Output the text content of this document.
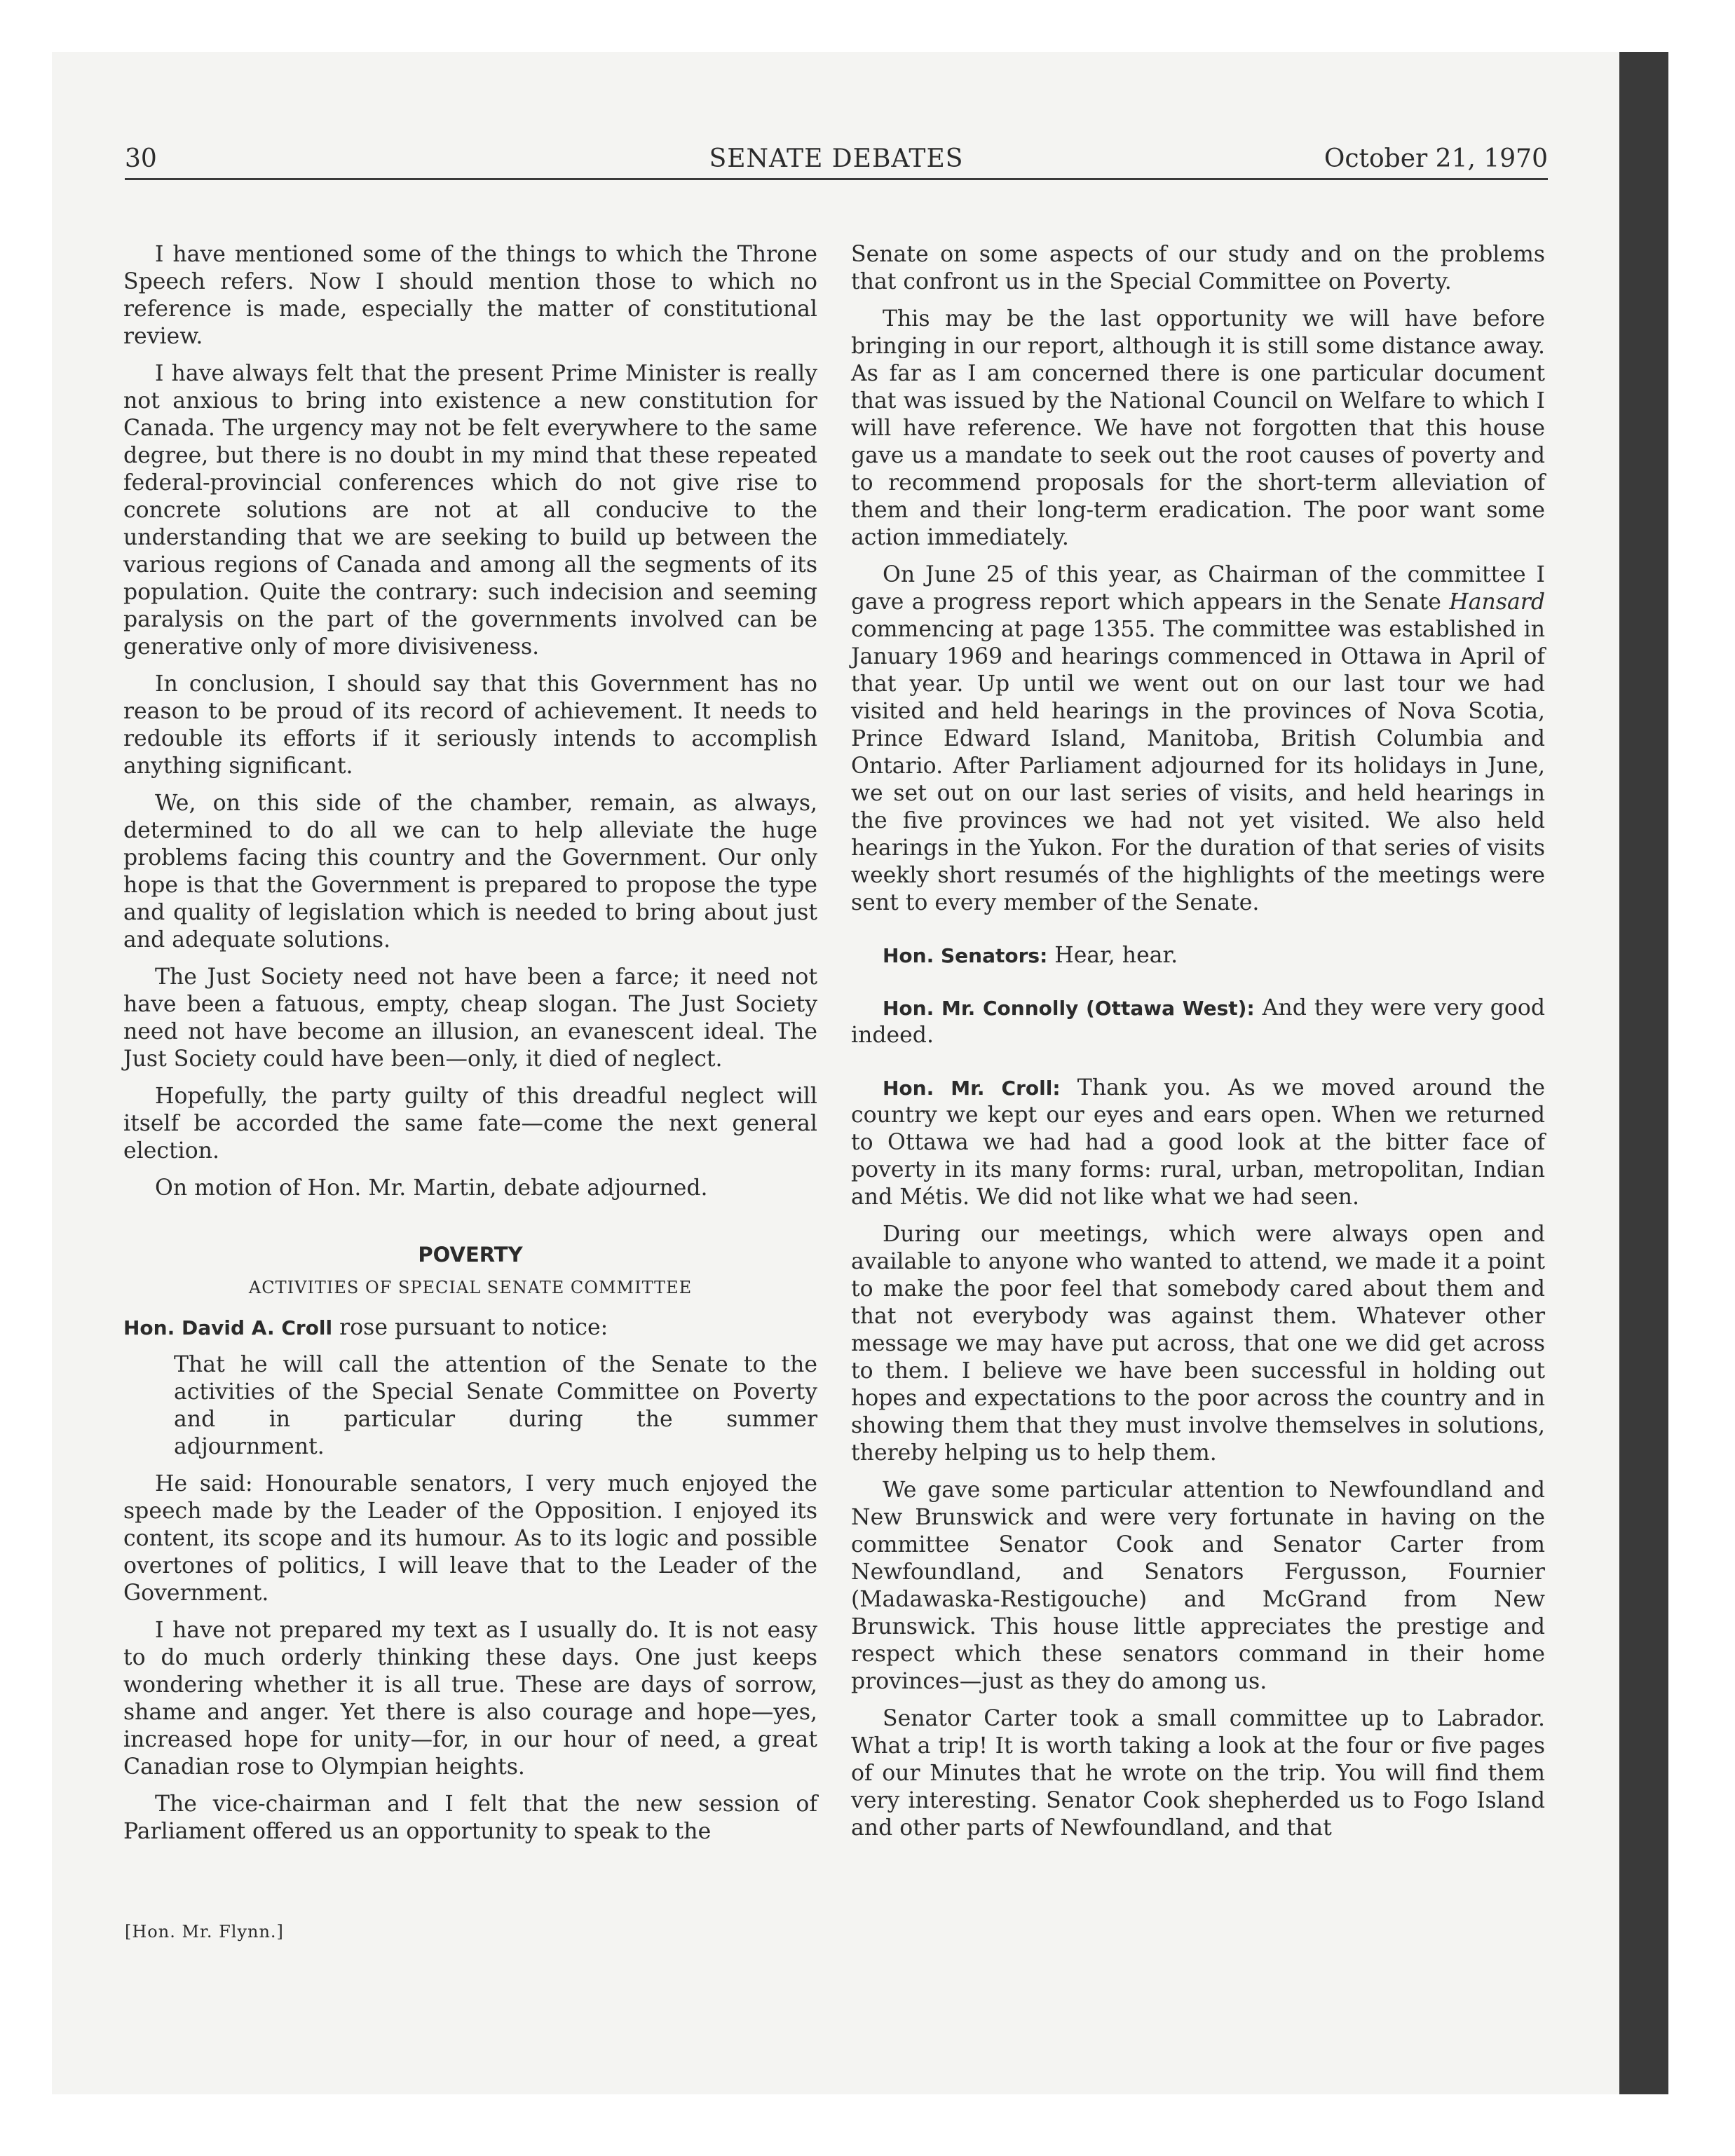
30	SENATE DEBATES	October 21, 1970

I have mentioned some of the things to which the Throne Speech refers. Now I should mention those to which no reference is made, especially the matter of constitutional review.

I have always felt that the present Prime Minister is really not anxious to bring into existence a new constitution for Canada. The urgency may not be felt everywhere to the same degree, but there is no doubt in my mind that these repeated federal-provincial conferences which do not give rise to concrete solutions are not at all conducive to the understanding that we are seeking to build up between the various regions of Canada and among all the segments of its population. Quite the contrary: such indecision and seeming paralysis on the part of the governments involved can be generative only of more divisiveness.

In conclusion, I should say that this Government has no reason to be proud of its record of achievement. It needs to redouble its efforts if it seriously intends to accomplish anything significant.

We, on this side of the chamber, remain, as always, determined to do all we can to help alleviate the huge problems facing this country and the Government. Our only hope is that the Government is prepared to propose the type and quality of legislation which is needed to bring about just and adequate solutions.

The Just Society need not have been a farce; it need not have been a fatuous, empty, cheap slogan. The Just Society need not have become an illusion, an evanescent ideal. The Just Society could have been—only, it died of neglect.

Hopefully, the party guilty of this dreadful neglect will itself be accorded the same fate—come the next general election.

On motion of Hon. Mr. Martin, debate adjourned.

POVERTY
ACTIVITIES OF SPECIAL SENATE COMMITTEE

Hon. David A. Croll rose pursuant to notice:

That he will call the attention of the Senate to the activities of the Special Senate Committee on Poverty and in particular during the summer

adjournment.

He said: Honourable senators, I very much enjoyed the speech made by the Leader of the Opposition. I enjoyed its content, its scope and its humour. As to its logic and possible overtones of politics, I will leave that to the Leader of the Government.

I have not prepared my text as I usually do. It is not easy to do much orderly thinking these days. One just keeps wondering whether it is all true. These are days of sorrow, shame and anger. Yet there is also courage and hope—yes, increased hope for unity—for, in our hour of need, a great Canadian rose to Olympian heights.

The vice-chairman and I felt that the new session of Parliament offered us an opportunity to speak to the

[Hon. Mr. Flynn.]

Senate on some aspects of our study and on the problems that confront us in the Special Committee on Poverty.

This may be the last opportunity we will have before bringing in our report, although it is still some distance away. As far as I am concerned there is one particular document that was issued by the National Council on Welfare to which I will have reference. We have not forgotten that this house gave us a mandate to seek out the root causes of poverty and to recommend proposals for the short-term alleviation of them and their long-term eradication. The poor want some action immediately.

On June 25 of this year, as Chairman of the committee I gave a progress report which appears in the Senate Hansard commencing at page 1355. The committee was established in January 1969 and hearings commenced in Ottawa in April of that year. Up until we went out on our last tour we had visited and held hearings in the provinces of Nova Scotia, Prince Edward Island, Manitoba, British Columbia and Ontario. After Parliament adjourned for its holidays in June, we set out on our last series of visits, and held hearings in the five provinces we had not yet visited. We also held hearings in the Yukon. For the duration of that series of visits weekly short resumés of the highlights of the meetings were sent to every member of the Senate.

Hon. Senators: Hear, hear.

Hon. Mr. Connolly (Ottawa West): And they were very good indeed.

Hon. Mr. Croll: Thank you. As we moved around the country we kept our eyes and ears open. When we returned to Ottawa we had had a good look at the bitter face of poverty in its many forms: rural, urban, metropolitan, Indian and Métis. We did not like what we had seen.

During our meetings, which were always open and available to anyone who wanted to attend, we made it a point to make the poor feel that somebody cared about them and that not everybody was against them. Whatever other message we may have put across, that one we did get across to them. I believe we have been successful in holding out hopes and expectations to the poor across the country and in showing them that they must involve themselves in solutions, thereby helping us to help them.

We gave some particular attention to Newfoundland and New Brunswick and were very fortunate in having on the committee Senator Cook and Senator Carter from Newfoundland, and Senators Fergusson, Fournier (Madawaska-Restigouche) and McGrand from New Brunswick. This house little appreciates the prestige and respect which these senators command in their home provinces—just as they do among us.

Senator Carter took a small committee up to Labrador. What a trip! It is worth taking a look at the four or five pages of our Minutes that he wrote on the trip. You will find them very interesting. Senator Cook shepherded us to Fogo Island and other parts of Newfoundland, and that
